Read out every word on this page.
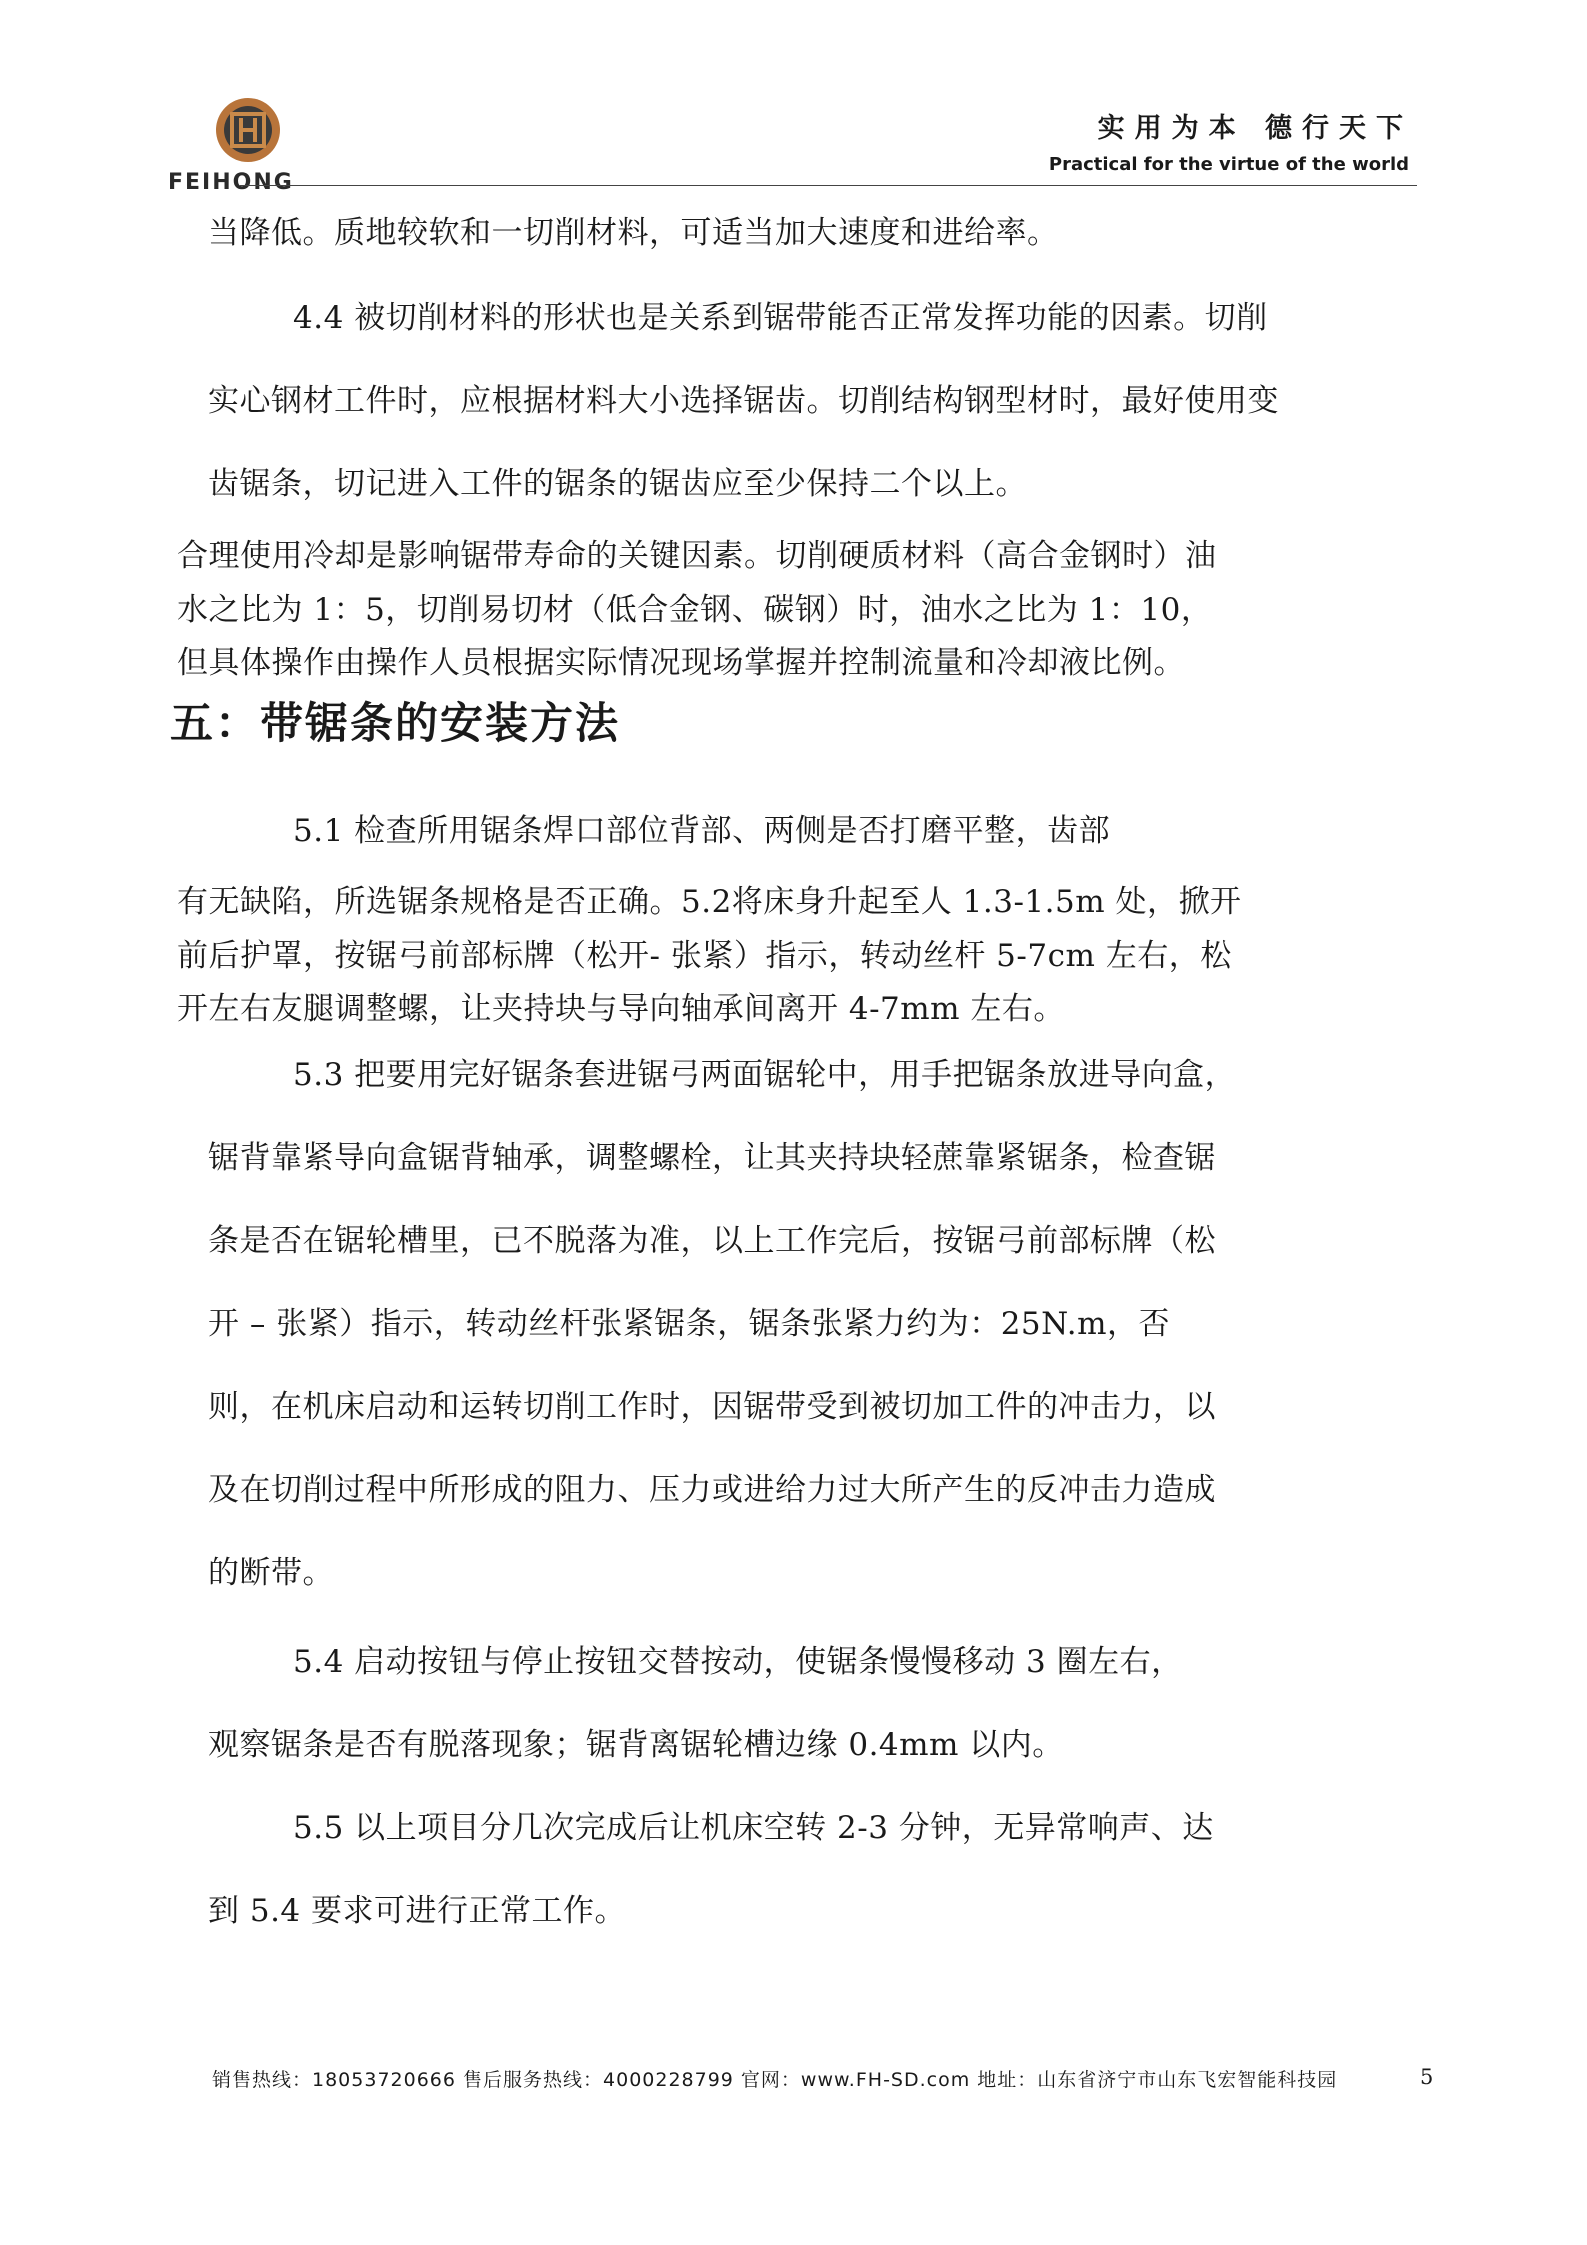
FEIHONG
实用为本 德行天下
Practical for the virtue of the world
当降低。质地较软和一切削材料，可适当加大速度和进给率。
4.4 被切削材料的形状也是关系到锯带能否正常发挥功能的因素。切削
实心钢材工件时，应根据材料大小选择锯齿。切削结构钢型材时，最好使用变
齿锯条，切记进入工件的锯条的锯齿应至少保持二个以上。
合理使用冷却是影响锯带寿命的关键因素。切削硬质材料（高合金钢时）油
水之比为 1：5，切削易切材（低合金钢、碳钢）时，油水之比为 1：10，
但具体操作由操作人员根据实际情况现场掌握并控制流量和冷却液比例。
五：带锯条的安装方法
5.1 检查所用锯条焊口部位背部、两侧是否打磨平整，齿部
有无缺陷，所选锯条规格是否正确。5.2将床身升起至人 1.3-1.5m 处，掀开
前后护罩，按锯弓前部标牌（松开- 张紧）指示，转动丝杆 5-7cm 左右，松
开左右友腿调整螺，让夹持块与导向轴承间离开 4-7mm 左右。
5.3 把要用完好锯条套进锯弓两面锯轮中，用手把锯条放进导向盒，
锯背靠紧导向盒锯背轴承，调整螺栓，让其夹持块轻蔗靠紧锯条，检查锯
条是否在锯轮槽里，已不脱落为准，以上工作完后，按锯弓前部标牌（松
开 – 张紧）指示，转动丝杆张紧锯条，锯条张紧力约为：25N.m，否
则，在机床启动和运转切削工作时，因锯带受到被切加工件的冲击力，以
及在切削过程中所形成的阻力、压力或进给力过大所产生的反冲击力造成
的断带。
5.4 启动按钮与停止按钮交替按动，使锯条慢慢移动 3 圈左右，
观察锯条是否有脱落现象；锯背离锯轮槽边缘 0.4mm 以内。
5.5 以上项目分几次完成后让机床空转 2-3 分钟，无异常响声、达
到 5.4 要求可进行正常工作。
销售热线：18053720666 售后服务热线：4000228799 官网：www.FH-SD.com 地址：山东省济宁市山东飞宏智能科技园	5
